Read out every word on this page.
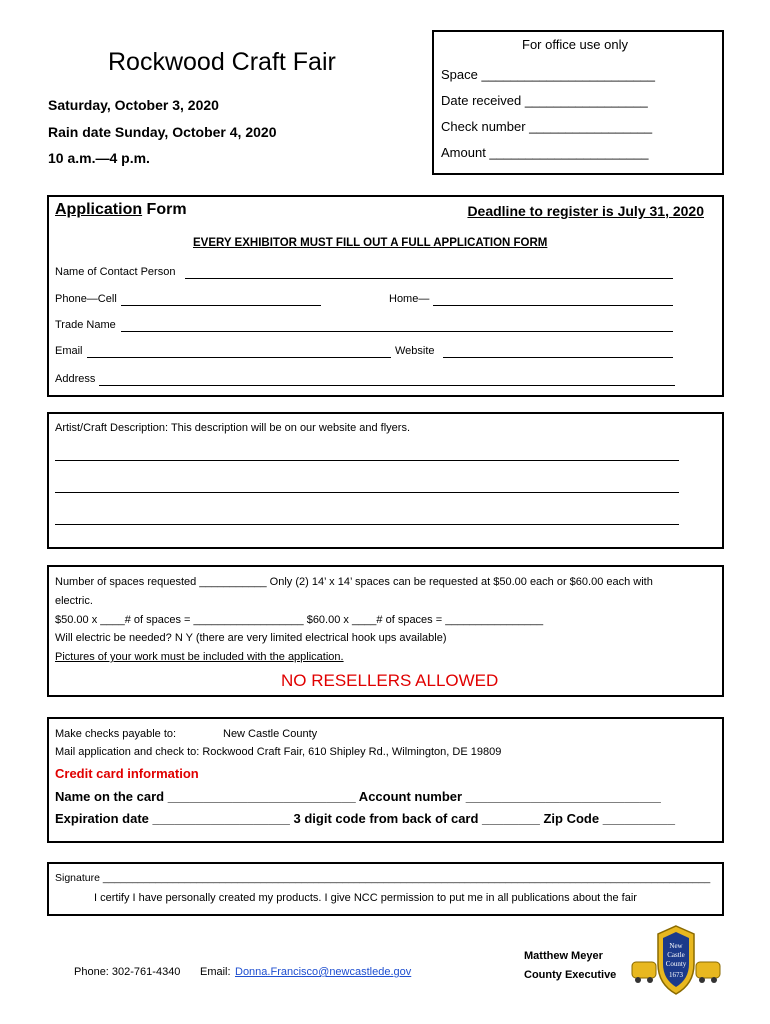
Rockwood Craft Fair
Saturday, October 3, 2020
Rain date Sunday, October 4, 2020
10 a.m.—4 p.m.
For office use only
Space ________________________
Date received _________________
Check number _________________
Amount ______________________
Application Form	Deadline to register is July 31, 2020
EVERY EXHIBITOR MUST FILL OUT A FULL APPLICATION FORM
Name of Contact Person
Phone—Cell	Home—
Trade Name
Email	Website
Address
Artist/Craft Description: This description will be on our website and flyers.
Number of spaces requested ___________ Only (2) 14’ x 14’ spaces can be requested at $50.00 each or $60.00 each with
electric.
$50.00 x ____# of spaces = __________________ $60.00 x ____# of spaces = ________________
Will electric be needed? N Y (there are very limited electrical hook ups available)
Pictures of your work must be included with the application.
NO RESELLERS ALLOWED
Make checks payable to:	New Castle County
Mail application and check to: Rockwood Craft Fair, 610 Shipley Rd., Wilmington, DE 19809
Credit card information
Name on the card __________________________ Account number ___________________________
Expiration date ___________________ 3 digit code from back of card ________ Zip Code __________
Signature ________________________________________________________________________________________________________
I certify I have personally created my products. I give NCC permission to put me in all publications about the fair
Phone: 302-761-4340 Email: Donna.Francisco@newcastlede.gov
Matthew Meyer
County Executive
New
Castle
County
1673
